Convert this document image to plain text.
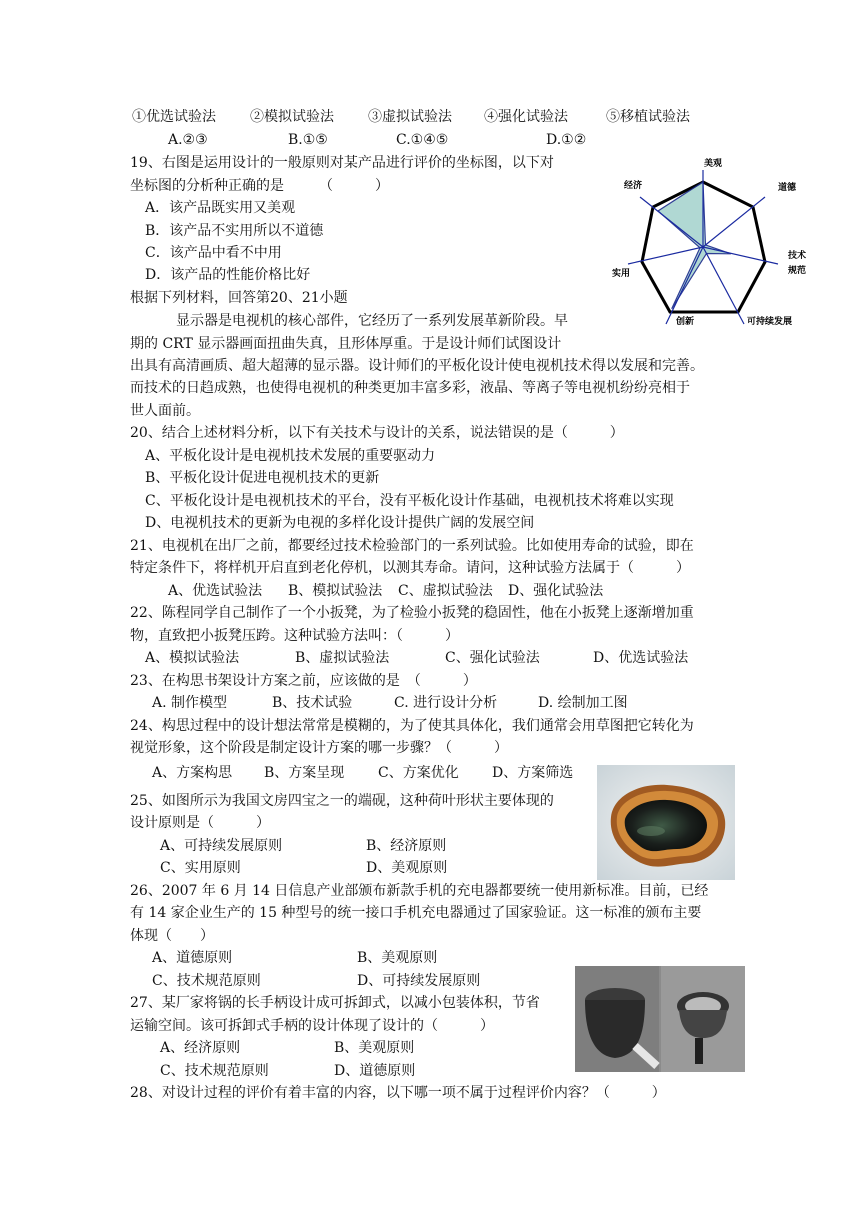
①优选试验法 ②模拟试验法 ③虚拟试验法 ④强化试验法	⑤移植试验法
A.②③	B.①⑤	C.①④⑤	D.①②
19、右图是运用设计的一般原则对某产品进行评价的坐标图，以下对
坐标图的分析种正确的是　　　（　　　）
A．该产品既实用又美观
B．该产品不实用所以不道德
C．该产品中看不中用
D．该产品的性能价格比好
美观
道德
技术
规范
可持续发展
创新
实用
经济
根据下列材料，回答第20、21小题
显示器是电视机的核心部件，它经历了一系列发展革新阶段。早
期的 CRT 显示器画面扭曲失真，且形体厚重。于是设计师们试图设计
出具有高清画质、超大超薄的显示器。设计师们的平板化设计使电视机技术得以发展和完善。
而技术的日趋成熟，也使得电视机的种类更加丰富多彩，液晶、等离子等电视机纷纷亮相于
世人面前。
20、结合上述材料分析，以下有关技术与设计的关系，说法错误的是（　　　）
A、平板化设计是电视机技术发展的重要驱动力
B、平板化设计促进电视机技术的更新
C、平板化设计是电视机技术的平台，没有平板化设计作基础，电视机技术将难以实现
D、电视机技术的更新为电视的多样化设计提供广阔的发展空间
21、电视机在出厂之前，都要经过技术检验部门的一系列试验。比如使用寿命的试验，即在
特定条件下，将样机开启直到老化停机，以测其寿命。请问，这种试验方法属于（　　　）
A、优选试验法 B、模拟试验法 C、虚拟试验法 D、强化试验法
22、陈程同学自己制作了一个小扳凳，为了检验小扳凳的稳固性，他在小扳凳上逐渐增加重
物，直致把小扳凳压跨。这种试验方法叫：（　　　）
A、模拟试验法	B、虚拟试验法	C、强化试验法	D、优选试验法
23、在构思书架设计方案之前，应该做的是　（　　　）
A. 制作模型	B、技术试验	C. 进行设计分析	D. 绘制加工图
24、构思过程中的设计想法常常是模糊的，为了使其具体化，我们通常会用草图把它转化为
视觉形象，这个阶段是制定设计方案的哪一步骤？（　　　）
A、方案构思 B、方案呈现 C、方案优化 D、方案筛选
25、如图所示为我国文房四宝之一的端砚，这种荷叶形状主要体现的
设计原则是（　　　）
A、可持续发展原则	B、经济原则
C、实用原则	D、美观原则
26、2007 年 6 月 14 日信息产业部颁布新款手机的充电器都要统一使用新标准。目前，已经
有 14 家企业生产的 15 种型号的统一接口手机充电器通过了国家验证。这一标准的颁布主要
体现（　　）
A、道德原则	B、美观原则
C、技术规范原则	D、可持续发展原则
27、某厂家将锅的长手柄设计成可拆卸式，以减小包装体积，节省
运输空间。该可拆卸式手柄的设计体现了设计的（　　　）
A、经济原则	B、美观原则
C、技术规范原则	D、道德原则
28、对设计过程的评价有着丰富的内容，以下哪一项不属于过程评价内容？（　　　）
